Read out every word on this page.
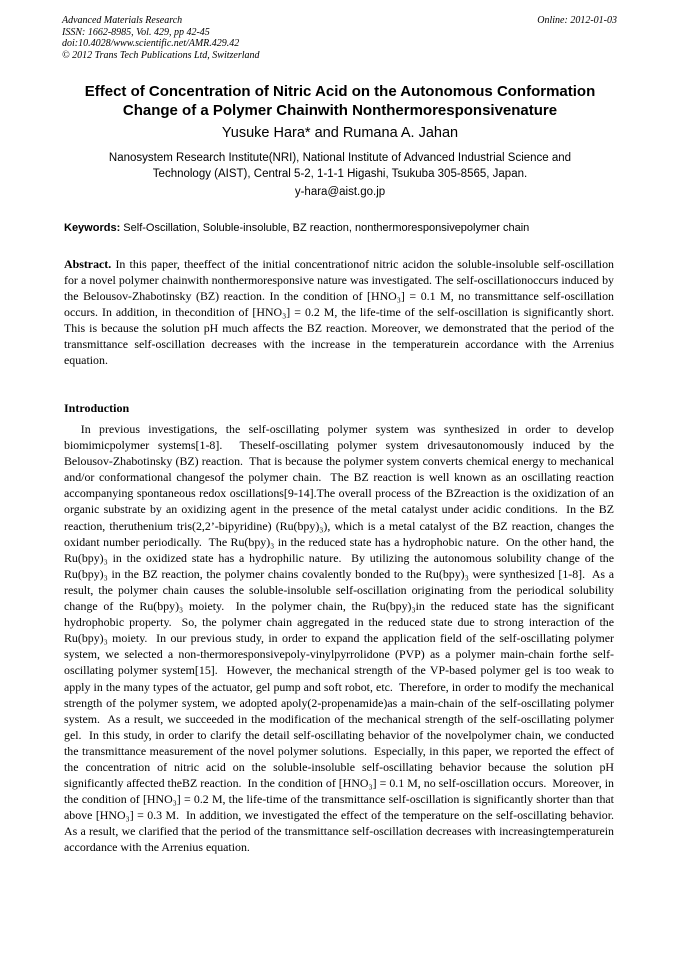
Advanced Materials Research
ISSN: 1662-8985, Vol. 429, pp 42-45
doi:10.4028/www.scientific.net/AMR.429.42
© 2012 Trans Tech Publications Ltd, Switzerland
Online: 2012-01-03
Effect of Concentration of Nitric Acid on the Autonomous Conformation
Change of a Polymer Chainwith Nonthermoresponsivenature
Yusuke Hara* and Rumana A. Jahan
Nanosystem Research Institute(NRI), National Institute of Advanced Industrial Science and
Technology (AIST), Central 5-2, 1-1-1 Higashi, Tsukuba 305-8565, Japan.
y-hara@aist.go.jp
Keywords: Self-Oscillation, Soluble-insoluble, BZ reaction, nonthermoresponsivepolymer chain
Abstract. In this paper, theeffect of the initial concentrationof nitric acidon the soluble-insoluble self-oscillation for a novel polymer chainwith nonthermoresponsive nature was investigated. The self-oscillationoccurs induced by the Belousov-Zhabotinsky (BZ) reaction. In the condition of [HNO₃] = 0.1 M, no transmittance self-oscillation occurs. In addition, in thecondition of [HNO₃] = 0.2 M, the life-time of the self-oscillation is significantly short. This is because the solution pH much affects the BZ reaction. Moreover, we demonstrated that the period of the transmittance self-oscillation decreases with the increase in the temperaturein accordance with the Arrenius equation.
Introduction

In previous investigations, the self-oscillating polymer system was synthesized in order to develop biomimicpolymer systems[1-8].  Theself-oscillating polymer system drivesautonomously induced by the Belousov-Zhabotinsky (BZ) reaction.  That is because the polymer system converts chemical energy to mechanical and/or conformational changesof the polymer chain.  The BZ reaction is well known as an oscillating reaction accompanying spontaneous redox oscillations[9-14].The overall process of the BZreaction is the oxidization of an organic substrate by an oxidizing agent in the presence of the metal catalyst under acidic conditions.  In the BZ reaction, theruthenium tris(2,2’-bipyridine) (Ru(bpy)₃), which is a metal catalyst of the BZ reaction, changes the oxidant number periodically.  The Ru(bpy)₃ in the reduced state has a hydrophobic nature.  On the other hand, the Ru(bpy)₃ in the oxidized state has a hydrophilic nature.  By utilizing the autonomous solubility change of the Ru(bpy)₃ in the BZ reaction, the polymer chains covalently bonded to the Ru(bpy)₃ were synthesized [1-8].  As a result, the polymer chain causes the soluble-insoluble self-oscillation originating from the periodical solubility change of the Ru(bpy)₃ moiety.  In the polymer chain, the Ru(bpy)₃in the reduced state has the significant hydrophobic property.  So, the polymer chain aggregated in the reduced state due to strong interaction of the Ru(bpy)₃ moiety.  In our previous study, in order to expand the application field of the self-oscillating polymer system, we selected a non-thermoresponsivepoly-vinylpyrrolidone (PVP) as a polymer main-chain forthe self-oscillating polymer system[15].  However, the mechanical strength of the VP-based polymer gel is too weak to apply in the many types of the actuator, gel pump and soft robot, etc.  Therefore, in order to modify the mechanical strength of the polymer system, we adopted apoly(2-propenamide)as a main-chain of the self-oscillating polymer system.  As a result, we succeeded in the modification of the mechanical strength of the self-oscillating polymer gel.  In this study, in order to clarify the detail self-oscillating behavior of the novelpolymer chain, we conducted the transmittance measurement of the novel polymer solutions.  Especially, in this paper, we reported the effect of the concentration of nitric acid on the soluble-insoluble self-oscillating behavior because the solution pH significantly affected theBZ reaction.  In the condition of [HNO₃] = 0.1 M, no self-oscillation occurs.  Moreover, in the condition of [HNO₃] = 0.2 M, the life-time of the transmittance self-oscillation is significantly shorter than that above [HNO₃] = 0.3 M.  In addition, we investigated the effect of the temperature on the self-oscillating behavior.  As a result, we clarified that the period of the transmittance self-oscillation decreases with increasingtemperaturein accordance with the Arrenius equation.
